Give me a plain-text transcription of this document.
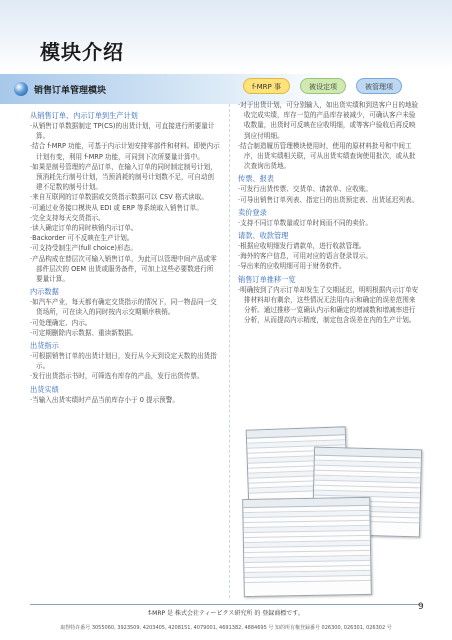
模块介绍
销售订单管理模块	f-MRP 事	被设定项	被管理项
从销售订单、内示订单到生产计划
·从销售订单数据制定 TP(CS)的出货计划，可直接进行所要量计算。
·结合 f-MRP 功能，可基于内示计划安排零部件和材料。即使内示计划有变，利用 f-MRP 功能，可同到下次所要量计算中。
·如果是制号管理的产品订单，在输入订单的同时制定制号计划，预消耗先行制号计划，当预消耗的制号计划数不足，可自动创建不足数的制号计划。
·来自互联网的订单数据或交货指示数据可以 CSV 格式读取。
·可通过业务接口模块从 EDI 或 ERP 等系统取入销售订单。
·完全支持每天交货指示。
·读入确定订单的同时核销内示订单。
·Backorder 可不反映在生产计划。
·可支持受制生产(full choice)形态。
·产品构成在替层次可输入销售订单，为此可以管理中间产品或零部件层次的 OEM 出货或服务备件，可加上这些必要数进行所要量计算。
内示数据
·如汽车产业，每天都有确定交货指示的情况下，同一物品同一交货场所，可在读入的同时按内示交期顺序核销。
·可处理确定、内示。
·可定期删除内示数据、重读新数据。
出货指示
·可根据销售订单的出货计划日，发行从今天到设定天数的出货指示。
·发行出货指示书时，可筛选有库存的产品，发行出货传票。
出货实绩
·当输入出货实绩时产品当前库存小于 0 提示预警。
·对于出货计划，可分别输入，如出货实绩和到迭客户日的地验收完成实绩，库存一览的产品库存被减少，可确认客户未验收数量，出货时可反映在应收明细，或等客户验收后再反映到应付明细。
·结合制造履历管理模块使用时，使用的原材料批号和中间工序，出货实绩相关联，可从出货实绩查询使用批次，或从批次查询出货地。
传票、报表
·可发行出货传票、交货单、请款单、应收账。
·可导出销售订单列表、指定日的出货预定表、出货延迟列表。
卖价登录
·支持不同订单数量或订单时间而不同的卖价。
请款、收款管理
·根据应收明细发行请款单，进行收款管理。
·海外的客户信息，可用对应的语言登录显示。
·导出来的应收明细可用于财务软件。
销售订单推移一览
·明确按到了内示订单却发生了交期延迟，明明根据内示订单安排材料却有剩余，这些情况无法用内示和确定的误差范围来分析。通过推移一览确认内示和确定的增减数和增减率进行分析，从而提高内示精度，制定包含误差在内的生产计划。
f-MRP 是 株式会社ティーピクス研究所 的 登録商標です。
取得特许番号 3055060, 3923509, 4203405, 4208151, 4079001, 4691382, 4884695 号 知的所有権登録番号 026300, 026301, 026302 号
9
